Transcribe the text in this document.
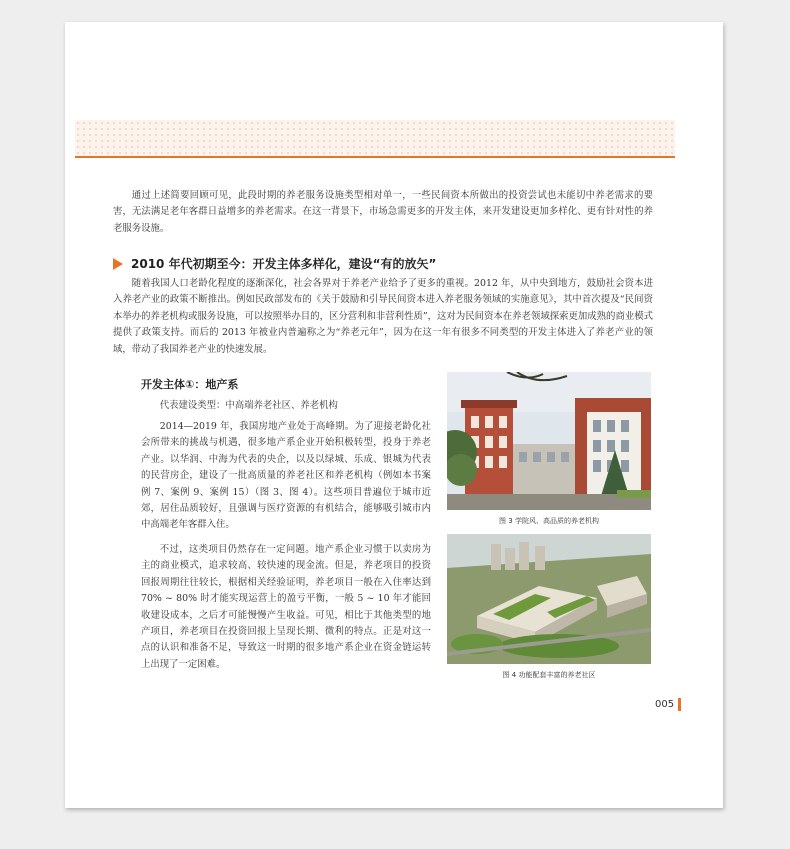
通过上述简要回顾可见，此段时期的养老服务设施类型相对单一，一些民间资本所做出的投资尝试也未能切中养老需求的要害，无法满足老年客群日益增多的养老需求。在这一背景下，市场急需更多的开发主体，来开发建设更加多样化、更有针对性的养老服务设施。

2010 年代初期至今：开发主体多样化，建设“有的放矢”

随着我国人口老龄化程度的逐渐深化，社会各界对于养老产业给予了更多的重视。2012 年，从中央到地方，鼓励社会资本进入养老产业的政策不断推出。例如民政部发布的《关于鼓励和引导民间资本进入养老服务领域的实施意见》，其中首次提及“民间资本举办的养老机构或服务设施，可以按照举办目的，区分营利和非营利性质”，这对为民间资本在养老领域探索更加成熟的商业模式提供了政策支持。而后的 2013 年被业内普遍称之为“养老元年”，因为在这一年有很多不同类型的开发主体进入了养老产业的领域，带动了我国养老产业的快速发展。

开发主体①：地产系

代表建设类型：中高端养老社区、养老机构

2014—2019 年，我国房地产业处于高峰期。为了迎接老龄化社会所带来的挑战与机遇，很多地产系企业开始积极转型，投身于养老产业。以华润、中海为代表的央企，以及以绿城、乐成、银城为代表的民营房企，建设了一批高质量的养老社区和养老机构（例如本书案例 7、案例 9、案例 15）（图 3、图 4）。这些项目普遍位于城市近郊，居住品质较好，且强调与医疗资源的有机结合，能够吸引城市内中高端老年客群入住。

不过，这类项目仍然存在一定问题。地产系企业习惯于以卖房为主的商业模式，追求较高、较快速的现金流。但是，养老项目的投资回报周期往往较长，根据相关经验证明，养老项目一般在入住率达到 70% ~ 80% 时才能实现运营上的盈亏平衡，一般 5 ~ 10 年才能回收建设成本，之后才可能慢慢产生收益。可见，相比于其他类型的地产项目，养老项目在投资回报上呈现长期、微利的特点。正是对这一点的认识和准备不足，导致这一时期的很多地产系企业在资金链运转上出现了一定困难。

图 3 学院风、高品质的养老机构
图 4 功能配套丰富的养老社区
005
